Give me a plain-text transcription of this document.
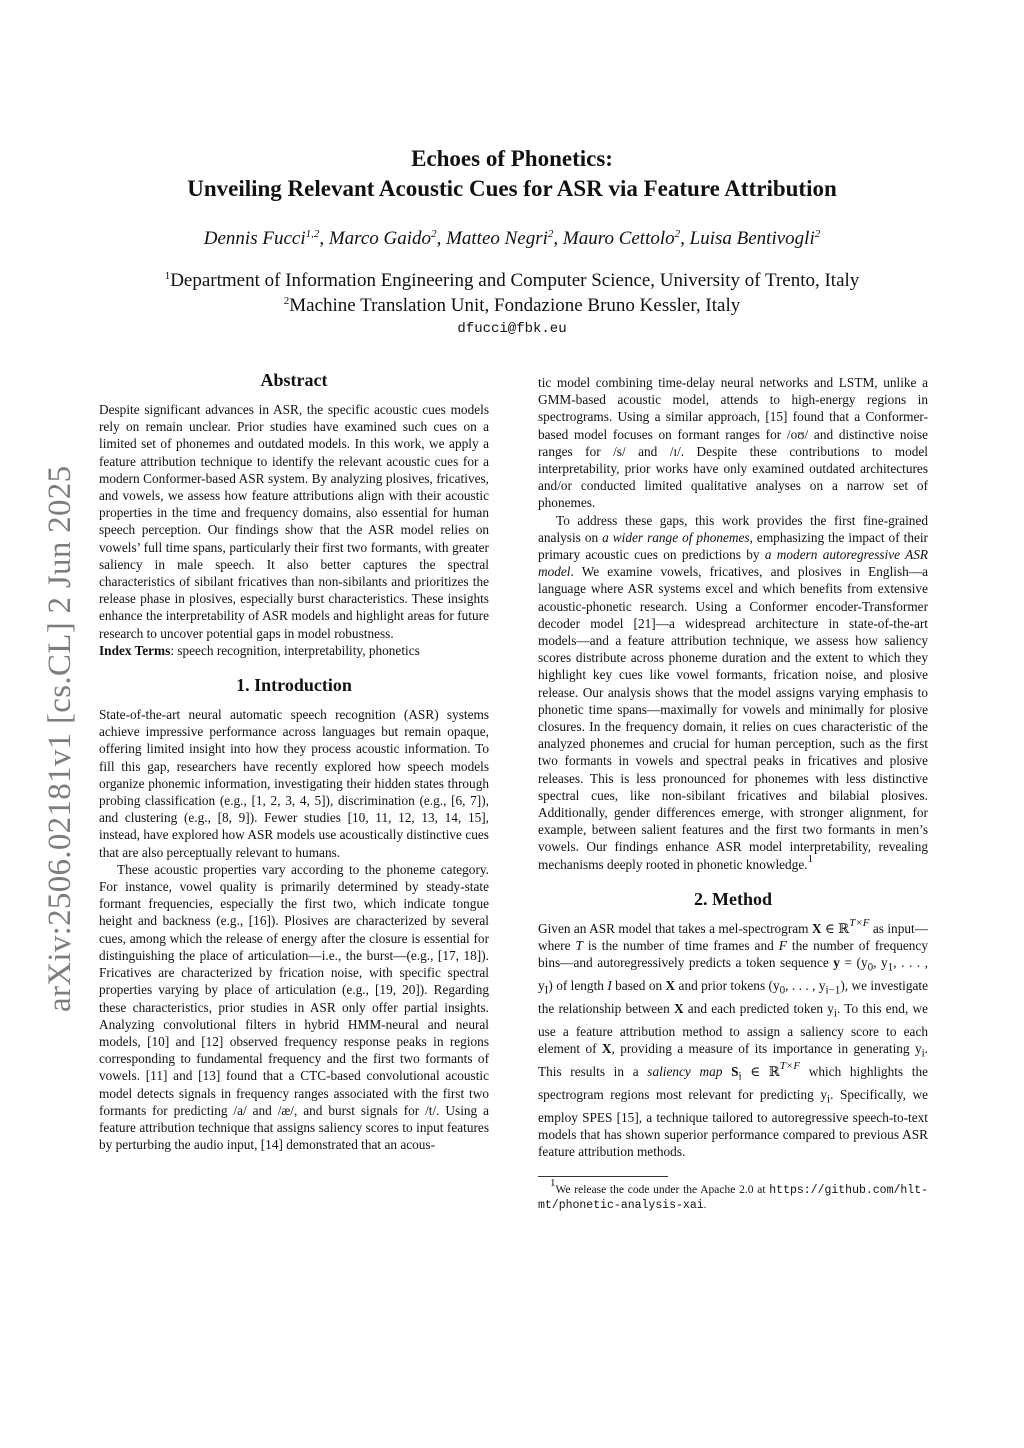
arXiv:2506.02181v1 [cs.CL] 2 Jun 2025
Echoes of Phonetics:
Unveiling Relevant Acoustic Cues for ASR via Feature Attribution
Dennis Fucci$^{1,2}$, Marco Gaido$^2$, Matteo Negri$^2$, Mauro Cettolo$^2$, Luisa Bentivogli$^2$
$^1$Department of Information Engineering and Computer Science, University of Trento, Italy
$^2$Machine Translation Unit, Fondazione Bruno Kessler, Italy
dfucci@fbk.eu
Abstract

Despite significant advances in ASR, the specific acoustic cues models rely on remain unclear. Prior studies have examined such cues on a limited set of phonemes and outdated models. In this work, we apply a feature attribution technique to identify the relevant acoustic cues for a modern Conformer-based ASR system. By analyzing plosives, fricatives, and vowels, we assess how feature attributions align with their acoustic properties in the time and frequency domains, also essential for human speech perception. Our findings show that the ASR model relies on vowels’ full time spans, particularly their first two formants, with greater saliency in male speech. It also better captures the spectral characteristics of sibilant fricatives than non-sibilants and prioritizes the release phase in plosives, especially burst characteristics. These insights enhance the interpretability of ASR models and highlight areas for future research to uncover potential gaps in model robustness.

Index Terms: speech recognition, interpretability, phonetics

1. Introduction

State-of-the-art neural automatic speech recognition (ASR) systems achieve impressive performance across languages but remain opaque, offering limited insight into how they process acoustic information. To fill this gap, researchers have recently explored how speech models organize phonemic information, investigating their hidden states through probing classification (e.g., [1, 2, 3, 4, 5]), discrimination (e.g., [6, 7]), and clustering (e.g., [8, 9]). Fewer studies [10, 11, 12, 13, 14, 15], instead, have explored how ASR models use acoustically distinctive cues that are also perceptually relevant to humans.

These acoustic properties vary according to the phoneme category. For instance, vowel quality is primarily determined by steady-state formant frequencies, especially the first two, which indicate tongue height and backness (e.g., [16]). Plosives are characterized by several cues, among which the release of energy after the closure is essential for distinguishing the place of articulation—i.e., the burst—(e.g., [17, 18]). Fricatives are characterized by frication noise, with specific spectral properties varying by place of articulation (e.g., [19, 20]). Regarding these characteristics, prior studies in ASR only offer partial insights. Analyzing convolutional filters in hybrid HMM-neural and neural models, [10] and [12] observed frequency response peaks in regions corresponding to fundamental frequency and the first two formants of vowels. [11] and [13] found that a CTC-based convolutional acoustic model detects signals in frequency ranges associated with the first two formants for predicting /a/ and /æ/, and burst signals for /t/. Using a feature attribution technique that assigns saliency scores to input features by perturbing the audio input, [14] demonstrated that an acous-

tic model combining time-delay neural networks and LSTM, unlike a GMM-based acoustic model, attends to high-energy regions in spectrograms. Using a similar approach, [15] found that a Conformer-based model focuses on formant ranges for /oʊ/ and distinctive noise ranges for /s/ and /ɪ/. Despite these contributions to model interpretability, prior works have only examined outdated architectures and/or conducted limited qualitative analyses on a narrow set of phonemes.

To address these gaps, this work provides the first fine-grained analysis on a wider range of phonemes, emphasizing the impact of their primary acoustic cues on predictions by a modern autoregressive ASR model. We examine vowels, fricatives, and plosives in English—a language where ASR systems excel and which benefits from extensive acoustic-phonetic research. Using a Conformer encoder-Transformer decoder model [21]—a widespread architecture in state-of-the-art models—and a feature attribution technique, we assess how saliency scores distribute across phoneme duration and the extent to which they highlight key cues like vowel formants, frication noise, and plosive release. Our analysis shows that the model assigns varying emphasis to phonetic time spans—maximally for vowels and minimally for plosive closures. In the frequency domain, it relies on cues characteristic of the analyzed phonemes and crucial for human perception, such as the first two formants in vowels and spectral peaks in fricatives and plosive releases. This is less pronounced for phonemes with less distinctive spectral cues, like non-sibilant fricatives and bilabial plosives. Additionally, gender differences emerge, with stronger alignment, for example, between salient features and the first two formants in men’s vowels. Our findings enhance ASR model interpretability, revealing mechanisms deeply rooted in phonetic knowledge.$^1$

2. Method

Given an ASR model that takes a mel-spectrogram X ∈ ℝ$^{T\times F}$ as input—where T is the number of time frames and F the number of frequency bins—and autoregressively predicts a token sequence $y = (y_0$, $y_1$, . . . , $y_I$) of length I based on X and prior tokens ($y_0$, . . . , $y_{i-1}$), we investigate the relationship between X and each predicted token $y_i$. To this end, we use a feature attribution method to assign a saliency score to each element of X, providing a measure of its importance in generating $y_i$. This results in a saliency map $S_i$ ∈ ℝ$^{T\times F}$ which highlights the spectrogram regions most relevant for predicting $y_i$. Specifically, we employ SPES [15], a technique tailored to autoregressive speech-to-text models that has shown superior performance compared to previous ASR feature attribution methods.

$^1$We release the code under the Apache 2.0 at https://github.com/hlt-mt/phonetic-analysis-xai.
